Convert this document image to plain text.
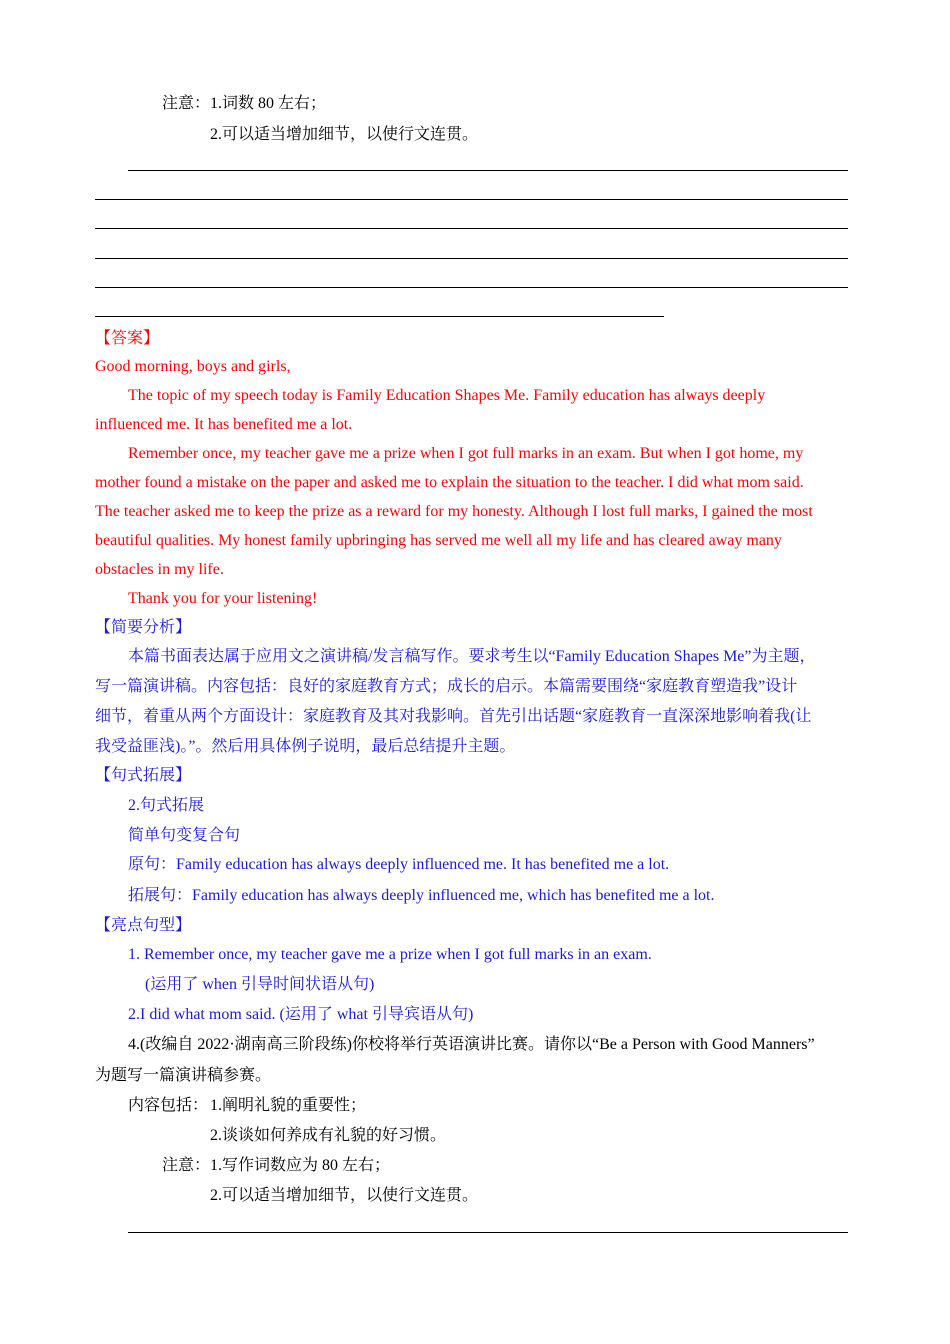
注意： 1.词数 80 左右；
2.可以适当增加细节，以使行文连贯。
【答案】
Good morning, boys and girls,
The topic of my speech today is Family Education Shapes Me. Family education has always deeply
influenced me. It has benefited me a lot.
Remember once, my teacher gave me a prize when I got full marks in an exam. But when I got home, my
mother found a mistake on the paper and asked me to explain the situation to the teacher. I did what mom said.
The teacher asked me to keep the prize as a reward for my honesty. Although I lost full marks, I gained the most
beautiful qualities. My honest family upbringing has served me well all my life and has cleared away many
obstacles in my life.
Thank you for your listening!
【简要分析】
本篇书面表达属于应用文之演讲稿/发言稿写作。要求考生以“Family Education Shapes Me”为主题，
写一篇演讲稿。内容包括：良好的家庭教育方式；成长的启示。本篇需要围绕“家庭教育塑造我”设计
细节，着重从两个方面设计：家庭教育及其对我影响。首先引出话题“家庭教育一直深深地影响着我(让
我受益匪浅)。”。然后用具体例子说明，最后总结提升主题。
【句式拓展】
2.句式拓展
简单句变复合句
原句：Family education has always deeply influenced me. It has benefited me a lot.
拓展句：Family education has always deeply influenced me, which has benefited me a lot.
【亮点句型】
1. Remember once, my teacher gave me a prize when I got full marks in an exam.
(运用了 when 引导时间状语从句)
2.I did what mom said. (运用了 what 引导宾语从句)
4.(改编自 2022·湖南高三阶段练)你校将举行英语演讲比赛。请你以“Be a Person with Good Manners”
为题写一篇演讲稿参赛。
内容包括： 1.阐明礼貌的重要性；
2.谈谈如何养成有礼貌的好习惯。
注意： 1.写作词数应为 80 左右；
2.可以适当增加细节，以使行文连贯。
